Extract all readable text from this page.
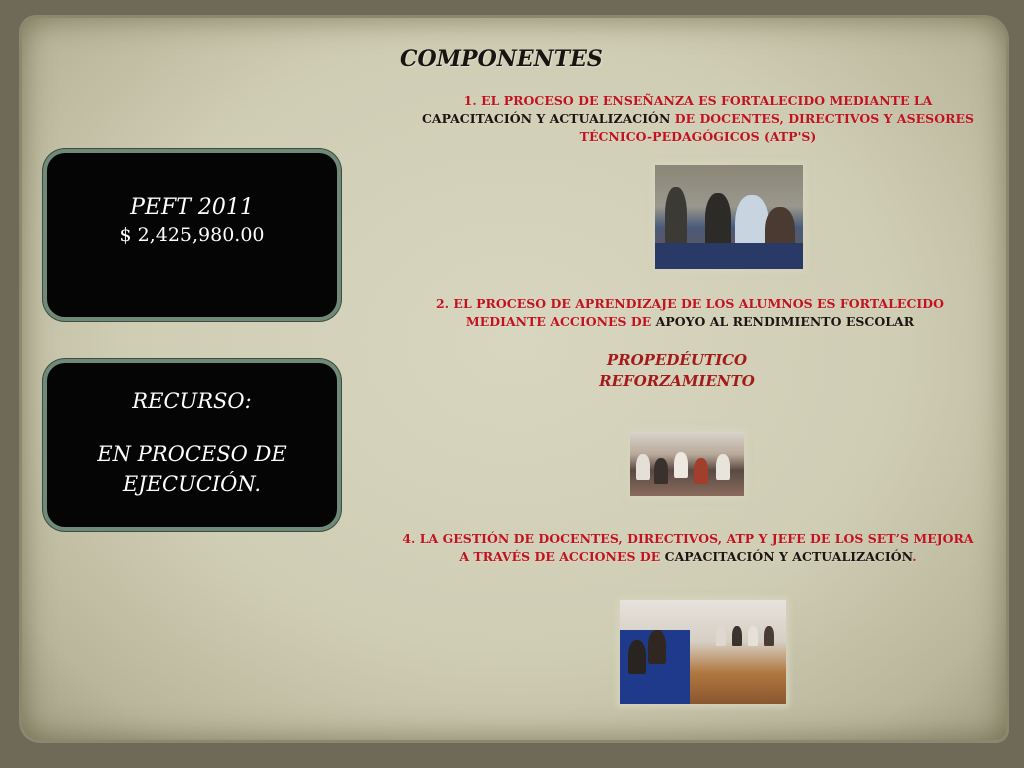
COMPONENTES
PEFT 2011
$ 2,425,980.00
RECURSO:
EN PROCESO DE EJECUCIÓN.
1. EL PROCESO DE ENSEÑANZA ES FORTALECIDO MEDIANTE LA
CAPACITACIÓN Y ACTUALIZACIÓN DE DOCENTES, DIRECTIVOS Y ASESORES TÉCNICO-PEDAGÓGICOS (ATP'S)
2. EL PROCESO DE APRENDIZAJE DE LOS ALUMNOS ES FORTALECIDO MEDIANTE ACCIONES DE APOYO AL RENDIMIENTO ESCOLAR
PROPEDÉUTICO
REFORZAMIENTO
4. LA GESTIÓN DE DOCENTES, DIRECTIVOS, ATP Y JEFE DE LOS SET’S MEJORA A TRAVÉS DE ACCIONES DE CAPACITACIÓN Y ACTUALIZACIÓN.
